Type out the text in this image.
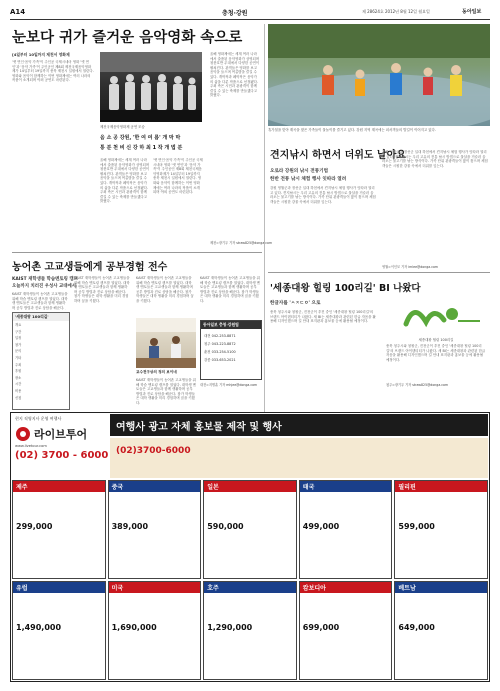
A14	충청·강원	제 28624호 2012년 8월 12일 월요일	동아일보
눈보다 귀가 즐거운 음악영화 속으로
[4일부터 10일까지 제천서 영화제
'옛 연인·음악 가족'이 주인공 국제시네마 영화 '옛 연인'과 '음악 가족'이 주인공인 제8회 제천국제음악영화제가 14일부터 19일까지 충북 제천시 일원에서 열린다. 영화와 음악이 함께하는 이번 영화제에는 여러 나라의 작품이 소개되며 야외 공연도 마련된다.
제천국제음악영화제 공연 모습
음 소 공 강원, '한 여 여 름' 개 막 막
통 분 천 비 신 강 하 최 1 작 개 법 분
올해 영화제에는 세계 여러 나라에서 출품된 음악영화가 상영되며 청풍호반 무대에서 다양한 공연이 펼쳐진다. 관객들은 영화를 보고 음악을 들으며 여름밤을 즐길 수 있다. 개막작과 폐막작은 음악가의 삶을 다룬 작품으로 선정됐다. 주최 측은 시민과 관광객이 함께 즐길 수 있는 축제를 만들겠다고 밝혔다.
'옛 연인·음악 가족'이 주인공 국제시네마 영화 '옛 연인'과 '음악 가족'이 주인공인 제8회 제천국제음악영화제가 14일부터 19일까지 충북 제천시 일원에서 열린다. 영화와 음악이 함께하는 이번 영화제에는 여러 나라의 작품이 소개되며 야외 공연도 마련된다.
올해 영화제에는 세계 여러 나라에서 출품된 음악영화가 상영되며 청풍호반 무대에서 다양한 공연이 펼쳐진다. 관객들은 영화를 보고 음악을 들으며 여름밤을 즐길 수 있다. 개막작과 폐막작은 음악가의 삶을 다룬 작품으로 선정됐다. 주최 측은 시민과 관광객이 함께 즐길 수 있는 축제를 만들겠다고 밝혔다.
제천=장기우 기자 straw825@donga.com
휴가철을 맞아 계곡을 찾은 가족들이 물놀이를 즐기고 있다. 강원 지역 계곡에는 피서객들의 발길이 이어지고 있다.
견지낚시 하면서 더위도 날아요
오로라 강원의 낚시 전통기법
한반 전통 낚시 체험 행사 잇따라 열려
강원 영월군과 정선군 일대 하천에서 견지낚시 체험 행사가 잇따라 열리고 있다. 견지낚시는 우리 고유의 전통 낚시 방법으로 물살을 거슬러 올라오는 물고기를 낚는 방식이다. 가족 단위 관광객들이 많이 찾으며 체험객들은 시원한 강물 속에서 더위를 잊는다.
강원 영월군과 정선군 일대 하천에서 견지낚시 체험 행사가 잇따라 열리고 있다. 견지낚시는 우리 고유의 전통 낚시 방법으로 물살을 거슬러 올라오는 물고기를 낚는 방식이다. 가족 단위 관광객들이 많이 찾으며 체험객들은 시원한 강물 속에서 더위를 잊는다.
영월=이인모 기자 imlee@donga.com
'세종대왕 힐링 100리길' BI 나왔다
한글자를 'ㅅㅈㄷㅇ' 으로
충북 청주시와 청원군, 진천군이 추진 중인 '세종대왕 힐링 100리길'의 브랜드 아이덴티티가 나왔다. 새 BI는 세종대왕과 관련된 한글 자음을 활용해 디자인했으며 길 안내 표지판과 홍보물 등에 활용될 예정이다.
세종대왕 힐링 100리길
충북 청주시와 청원군, 진천군이 추진 중인 '세종대왕 힐링 100리길'의 브랜드 아이덴티티가 나왔다. 새 BI는 세종대왕과 관련된 한글 자음을 활용해 디자인했으며 길 안내 표지판과 홍보물 등에 활용될 예정이다.
청주=장기우 기자 straw825@donga.com
농어촌 고교생들에게 공부경험 전수
KAIST 재학생들 학습멘토링 캠프
오늘까지 치러진 우성사 교대에서
KAIST 재학생들이 농어촌 고교생들을 위해 학습 멘토링 캠프를 열었다. 대학생 멘토들은 고교생들과 함께 생활하며 공부 방법과 진로 상담을 해준다.
'세종대왕 100리길'
개요
구간
일정
참가
문의
기타
주최
후원
장소
시간
비용
신청
KAIST 재학생들이 농어촌 고교생들을 위해 학습 멘토링 캠프를 열었다. 대학생 멘토들은 고교생들과 함께 생활하며 공부 방법과 진로 상담을 해준다. 참가 학생들은 대학 생활을 미리 경험하며 꿈을 키웠다.
KAIST 재학생들이 농어촌 고교생들을 위해 학습 멘토링 캠프를 열었다. 대학생 멘토들은 고교생들과 함께 생활하며 공부 방법과 진로 상담을 해준다. 참가 학생들은 대학 생활을 미리 경험하며 꿈을 키웠다.
KAIST 재학생들이 농어촌 고교생들을 위해 학습 멘토링 캠프를 열었다. 대학생 멘토들은 고교생들과 함께 생활하며 공부 방법과 진로 상담을 해준다. 참가 학생들은 대학 생활을 미리 경험하며 꿈을 키웠다.
교수전구상의 정의 보이네
KAIST 재학생들이 농어촌 고교생들을 위해 학습 멘토링 캠프를 열었다. 대학생 멘토들은 고교생들과 함께 생활하며 공부 방법과 진로 상담을 해준다. 참가 학생들은 대학 생활을 미리 경험하며 꿈을 키웠다.
동아일보 충청·강원팀
대전 042-253-8871
청주 043-223-8872
춘천 033-254-5100
강릉 033-653-2021
대전=지명훈 기자 mhjee@donga.com
현지 직영지사 운영 여행사
라이브투어
www.livetour.com
(02) 3700 - 6000
여행사 광고 자체 홍보물 제작 및 행사
(02)3700-6000
제주
299,000
중국
389,000
일본
590,000
태국
499,000
필리핀
599,000
유럽
1,490,000
미국
1,690,000
호주
1,290,000
캄보디아
699,000
베트남
649,000
